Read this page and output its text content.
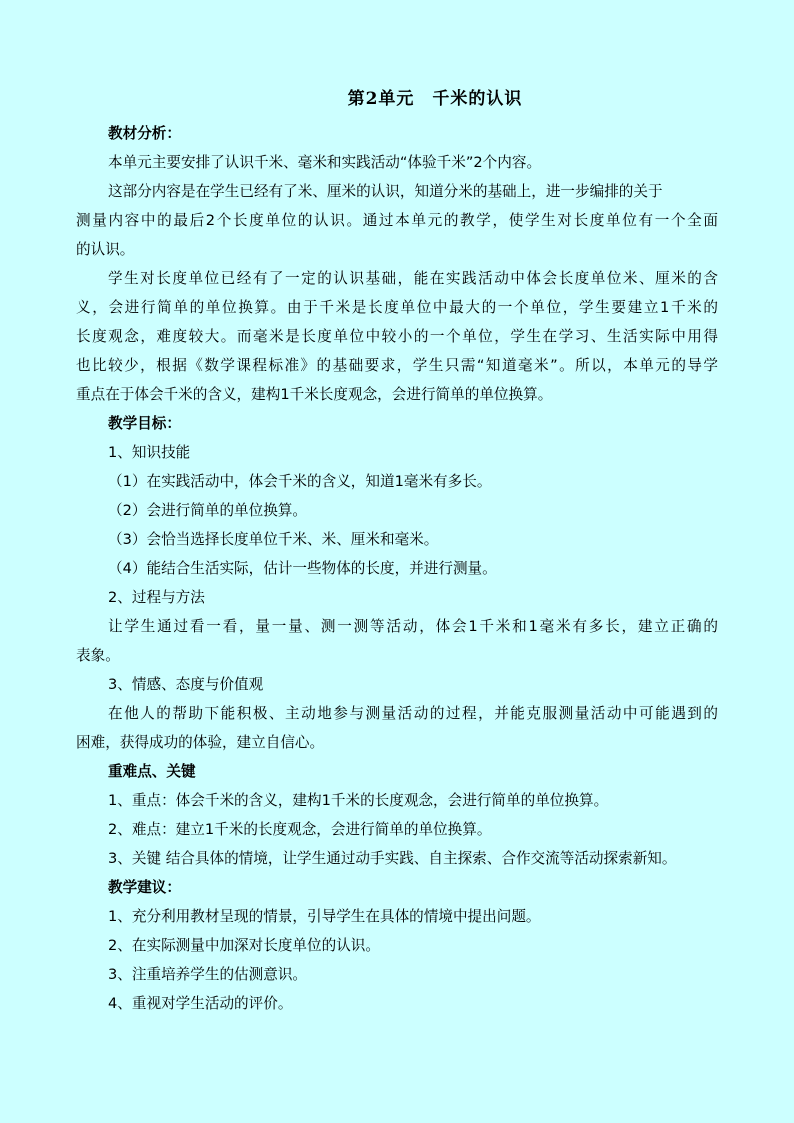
第2单元　千米的认识
教材分析：
本单元主要安排了认识千米、毫米和实践活动“体验千米”2个内容。
这部分内容是在学生已经有了米、厘米的认识，知道分米的基础上，进一步编排的关于
测量内容中的最后2个长度单位的认识。通过本单元的教学，使学生对长度单位有一个全面
的认识。
学生对长度单位已经有了一定的认识基础，能在实践活动中体会长度单位米、厘米的含
义，会进行简单的单位换算。由于千米是长度单位中最大的一个单位，学生要建立1千米的
长度观念，难度较大。而毫米是长度单位中较小的一个单位，学生在学习、生活实际中用得
也比较少，根据《数学课程标准》的基础要求，学生只需“知道毫米”。所以，本单元的导学
重点在于体会千米的含义，建构1千米长度观念，会进行简单的单位换算。
教学目标：
1、知识技能
（1）在实践活动中，体会千米的含义，知道1毫米有多长。
（2）会进行简单的单位换算。
（3）会恰当选择长度单位千米、米、厘米和毫米。
（4）能结合生活实际，估计一些物体的长度，并进行测量。
2、过程与方法
让学生通过看一看，量一量、测一测等活动，体会1千米和1毫米有多长，建立正确的
表象。
3、情感、态度与价值观
在他人的帮助下能积极、主动地参与测量活动的过程，并能克服测量活动中可能遇到的
困难，获得成功的体验，建立自信心。
重难点、关键
1、重点：体会千米的含义，建构1千米的长度观念，会进行简单的单位换算。
2、难点：建立1千米的长度观念，会进行简单的单位换算。
3、关键 结合具体的情境，让学生通过动手实践、自主探索、合作交流等活动探索新知。
教学建议：
1、充分利用教材呈现的情景，引导学生在具体的情境中提出问题。
2、在实际测量中加深对长度单位的认识。
3、注重培养学生的估测意识。
4、重视对学生活动的评价。
